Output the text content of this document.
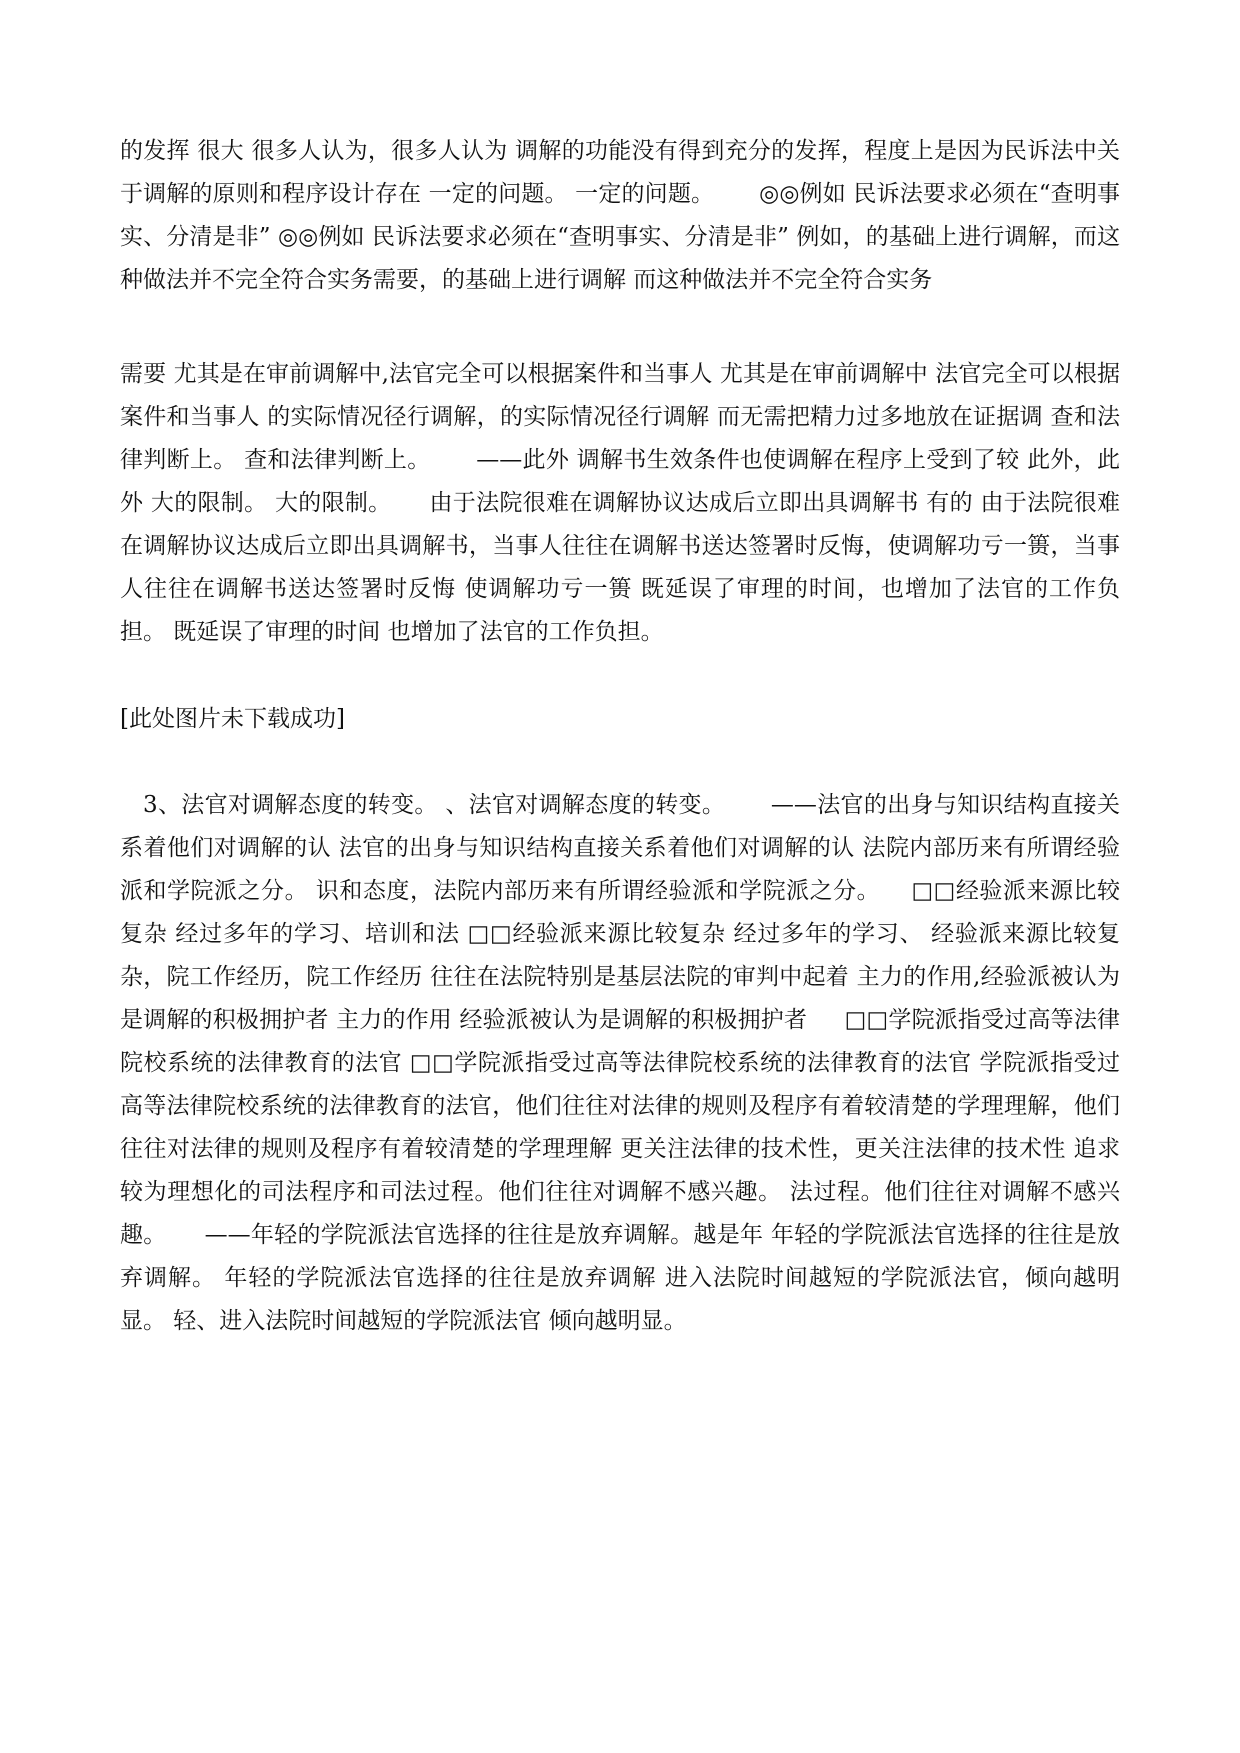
的发挥 很大 很多人认为，很多人认为 调解的功能没有得到充分的发挥，程度上是因为民诉法中关于调解的原则和程序设计存在 一定的问题。 一定的问题。      ◎◎例如 民诉法要求必须在“查明事实、分清是非” ◎◎例如 民诉法要求必须在“查明事实、分清是非” 例如，的基础上进行调解，而这种做法并不完全符合实务需要，的基础上进行调解 而这种做法并不完全符合实务

需要 尤其是在审前调解中,法官完全可以根据案件和当事人 尤其是在审前调解中 法官完全可以根据案件和当事人 的实际情况径行调解，的实际情况径行调解 而无需把精力过多地放在证据调 查和法律判断上。 查和法律判断上。      ——此外 调解书生效条件也使调解在程序上受到了较 此外，此外 大的限制。 大的限制。     由于法院很难在调解协议达成后立即出具调解书 有的 由于法院很难在调解协议达成后立即出具调解书，当事人往往在调解书送达签署时反悔，使调解功亏一篑，当事人往往在调解书送达签署时反悔 使调解功亏一篑 既延误了审理的时间，也增加了法官的工作负担。 既延误了审理的时间 也增加了法官的工作负担。

[此处图片未下载成功]

3、法官对调解态度的转变。 、法官对调解态度的转变。      ——法官的出身与知识结构直接关系着他们对调解的认 法官的出身与知识结构直接关系着他们对调解的认 法院内部历来有所谓经验派和学院派之分。 识和态度，法院内部历来有所谓经验派和学院派之分。    □□经验派来源比较复杂 经过多年的学习、培训和法 □□经验派来源比较复杂 经过多年的学习、 经验派来源比较复杂，院工作经历，院工作经历 往往在法院特别是基层法院的审判中起着 主力的作用,经验派被认为是调解的积极拥护者 主力的作用 经验派被认为是调解的积极拥护者     □□学院派指受过高等法律院校系统的法律教育的法官 □□学院派指受过高等法律院校系统的法律教育的法官 学院派指受过高等法律院校系统的法律教育的法官，他们往往对法律的规则及程序有着较清楚的学理理解，他们往往对法律的规则及程序有着较清楚的学理理解 更关注法律的技术性，更关注法律的技术性 追求较为理想化的司法程序和司法过程。他们往往对调解不感兴趣。 法过程。他们往往对调解不感兴趣。     ——年轻的学院派法官选择的往往是放弃调解。越是年 年轻的学院派法官选择的往往是放弃调解。 年轻的学院派法官选择的往往是放弃调解 进入法院时间越短的学院派法官，倾向越明显。 轻、进入法院时间越短的学院派法官 倾向越明显。
